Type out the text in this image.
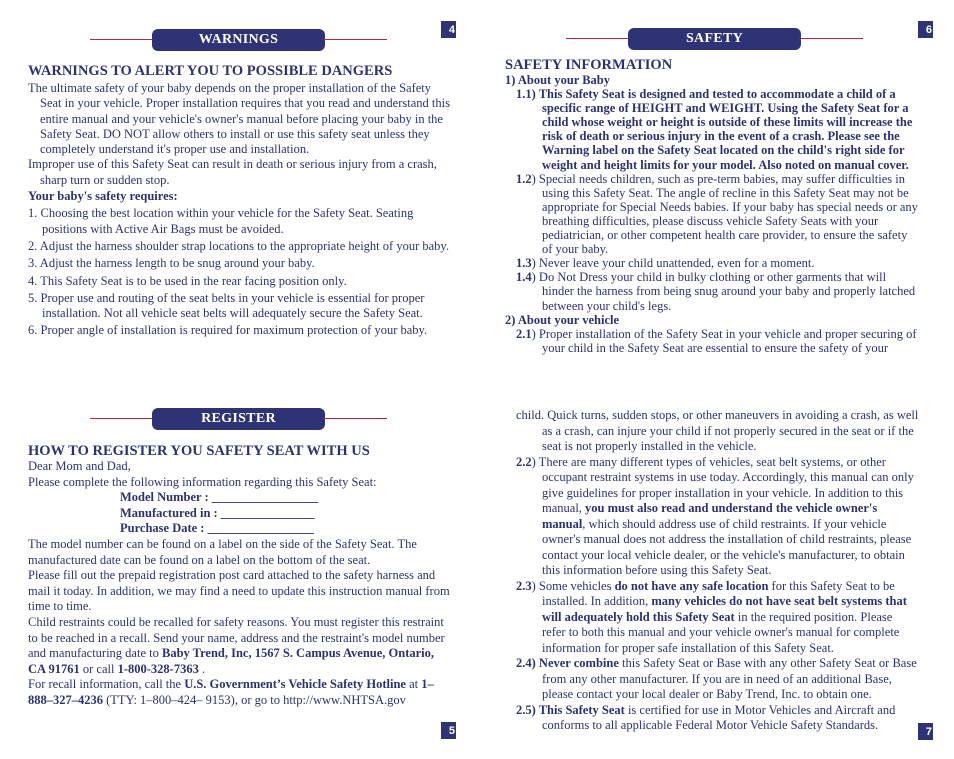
WARNINGS
4
WARNINGS TO ALERT YOU TO POSSIBLE DANGERS

The ultimate safety of your baby depends on the proper installation of the Safety Seat in your vehicle. Proper installation requires that you read and understand this entire manual and your vehicle's owner's manual before placing your baby in the Safety Seat. DO NOT allow others to install or use this safety seat unless they completely understand it's proper use and installation.

Improper use of this Safety Seat can result in death or serious injury from a crash, sharp turn or sudden stop.

Your baby's safety requires:

1. Choosing the best location within your vehicle for the Safety Seat. Seating positions with Active Air Bags must be avoided.

2. Adjust the harness shoulder strap locations to the appropriate height of your baby.

3. Adjust the harness length to be snug around your baby.

4. This Safety Seat is to be used in the rear facing position only.

5. Proper use and routing of the seat belts in your vehicle is essential for proper installation. Not all vehicle seat belts will adequately secure the Safety Seat.

6. Proper angle of installation is required for maximum protection of your baby.

REGISTER
HOW TO REGISTER YOU SAFETY SEAT WITH US

Dear Mom and Dad,

Please complete the following information regarding this Safety Seat:

Model Number : _________________

Manufactured in : _______________

Purchase Date : _________________

The model number can be found on a label on the side of the Safety Seat. The manufactured date can be found on a label on the bottom of the seat.

Please fill out the prepaid registration post card attached to the safety harness and mail it today. In addition, we may find a need to update this instruction manual from time to time.

Child restraints could be recalled for safety reasons. You must register this restraint to be reached in a recall. Send your name, address and the restraint's model number and manufacturing date to Baby Trend, Inc, 1567 S. Campus Avenue, Ontario, CA 91761 or call 1-800-328-7363 .

For recall information, call the U.S. Government’s Vehicle Safety Hotline at 1–888–327–4236 (TTY: 1–800–424– 9153), or go to http://www.NHTSA.gov

5
SAFETY
6
SAFETY INFORMATION

1) About your Baby

1.1) This Safety Seat is designed and tested to accommodate a child of a specific range of HEIGHT and WEIGHT. Using the Safety Seat for a child whose weight or height is outside of these limits will increase the risk of death or serious injury in the event of a crash. Please see the Warning label on the Safety Seat located on the child's right side for weight and height limits for your model. Also noted on manual cover.

1.2) Special needs children, such as pre-term babies, may suffer difficulties in using this Safety Seat. The angle of recline in this Safety Seat may not be appropriate for Special Needs babies. If your baby has special needs or any breathing difficulties, please discuss vehicle Safety Seats with your pediatrician, or other competent health care provider, to ensure the safety of your baby.

1.3) Never leave your child unattended, even for a moment.

1.4) Do Not Dress your child in bulky clothing or other garments that will hinder the harness from being snug around your baby and properly latched between your child's legs.

2) About your vehicle

2.1) Proper installation of the Safety Seat in your vehicle and proper securing of your child in the Safety Seat are essential to ensure the safety of your

child. Quick turns, sudden stops, or other maneuvers in avoiding a crash, as well as a crash, can injure your child if not properly secured in the seat or if the seat is not properly installed in the vehicle.

2.2) There are many different types of vehicles, seat belt systems, or other occupant restraint systems in use today. Accordingly, this manual can only give guidelines for proper installation in your vehicle. In addition to this manual, you must also read and understand the vehicle owner's manual, which should address use of child restraints. If your vehicle owner's manual does not address the installation of child restraints, please contact your local vehicle dealer, or the vehicle's manufacturer, to obtain this information before using this Safety Seat.

2.3) Some vehicles do not have any safe location for this Safety Seat to be installed. In addition, many vehicles do not have seat belt systems that will adequately hold this Safety Seat in the required position. Please refer to both this manual and your vehicle owner's manual for complete information for proper safe installation of this Safety Seat.

2.4) Never combine this Safety Seat or Base with any other Safety Seat or Base from any other manufacturer. If you are in need of an additional Base, please contact your local dealer or Baby Trend, Inc. to obtain one.

2.5) This Safety Seat is certified for use in Motor Vehicles and Aircraft and conforms to all applicable Federal Motor Vehicle Safety Standards.	7
